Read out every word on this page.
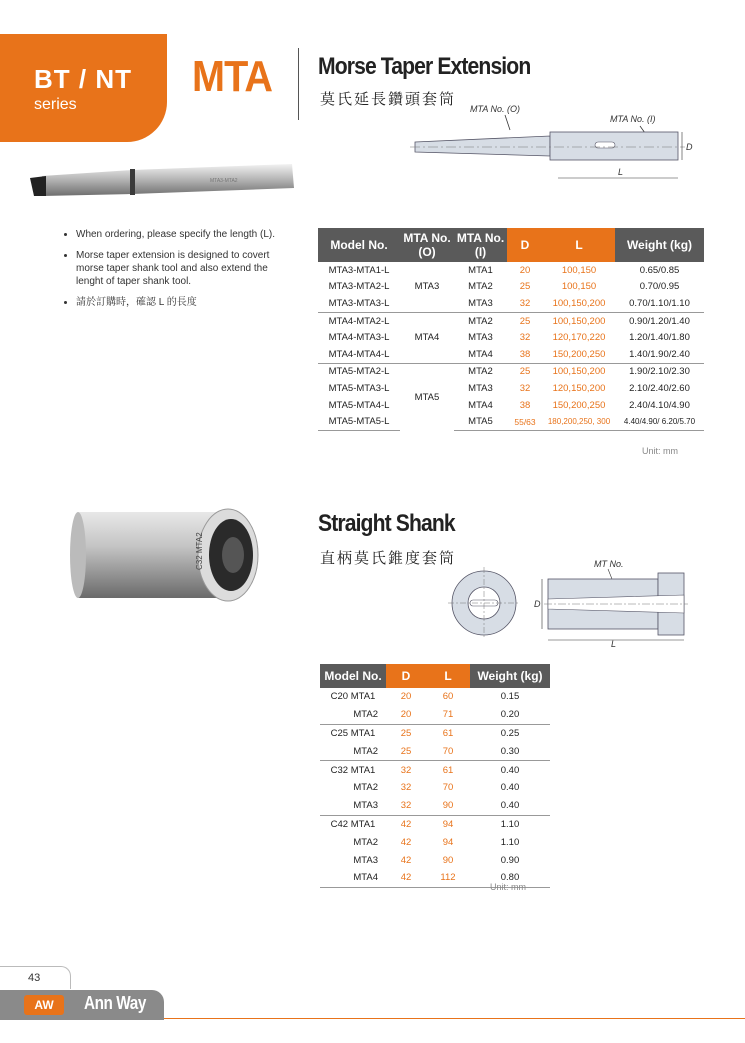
BT / NT
series
MTA Morse Taper Extension
莫氏延長鑽頭套筒
MTA3-MTA2
MTA No. (O)
MTA No. (I)
D
L
• When ordering, please specify the length (L).
• Morse taper extension is designed to covert morse taper shank tool and also extend the lenght of taper shank tool.
• 請於訂購時，確認 L 的長度
Model No.	MTA No. (O)	MTA No. (I)	D	L	Weight (kg)
MTA3-MTA1-L	MTA3	MTA1	20	100,150	0.65/0.85
MTA3-MTA2-L		MTA2	25	100,150	0.70/0.95
MTA3-MTA3-L		MTA3	32	100,150,200	0.70/1.10/1.10
MTA4-MTA2-L	MTA4	MTA2	25	100,150,200	0.90/1.20/1.40
MTA4-MTA3-L		MTA3	32	120,170,220	1.20/1.40/1.80
MTA4-MTA4-L		MTA4	38	150,200,250	1.40/1.90/2.40
MTA5-MTA2-L	MTA5	MTA2	25	100,150,200	1.90/2.10/2.30
MTA5-MTA3-L		MTA3	32	120,150,200	2.10/2.40/2.60
MTA5-MTA4-L		MTA4	38	150,200,250	2.40/4.10/4.90
MTA5-MTA5-L		MTA5	55/63	180,200,250, 300	4.40/4.90/ 6.20/5.70
Unit: mm
C32 MTA2
Straight Shank
直柄莫氏錐度套筒	MT No.
D
L
Model No.	D	L	Weight (kg)
C20 MTA1	20	60	0.15
MTA2	20	71	0.20
C25 MTA1	25	61	0.25
MTA2	25	70	0.30
C32 MTA1	32	61	0.40
MTA2	32	70	0.40
MTA3	32	90	0.40
C42 MTA1	42	94	1.10
MTA2	42	94	1.10
MTA3	42	90	0.90
MTA4	42	112	0.80
Unit: mm
43
AW	Ann Way
